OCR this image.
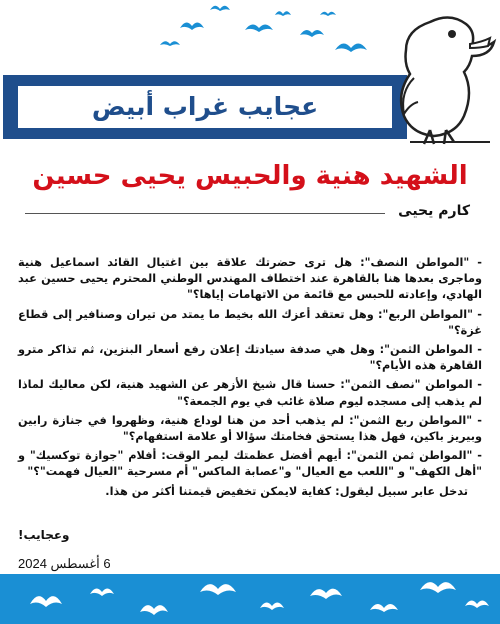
عجايب غراب أبيض
الشهيد هنية والحبيس يحيى حسين
كارم يحيى

- "المواطن النصف": هل ترى حضرتك علاقة بين اغتيال القائد اسماعيل هنية وماجرى بعدها هنا بالقاهرة عند اختطاف المهندس الوطني المحترم يحيى حسين عبد الهادي، وإعادته للحبس مع قائمة من الاتهامات إياها؟"

- "المواطن الربع": وهل تعتقد أعزك الله بخيط ما يمتد من تيران وصنافير إلى قطاع غزة؟"

- المواطن الثمن": وهل هي صدفة سيادتك إعلان رفع أسعار البنزين، ثم تذاكر مترو القاهرة هذه الأيام؟"

- المواطن "نصف الثمن": حسنا قال شيخ الأزهر عن الشهيد هنية، لكن معاليك لماذا لم يذهب إلى مسجده ليوم صلاة غائب في يوم الجمعة؟"

- "المواطن ربع الثمن": لم يذهب أحد من هنا لوداع هنية، وظهروا في جنازة رابين وبيريز باكين، فهل هذا يستحق فخامتك سؤالا أو علامة استفهام؟"

- "المواطن ثمن الثمن": أيهم أفضل عظمتك ليمر الوقت: أفلام "جوازة توكسيك" و "أهل الكهف" و "اللعب مع العيال" و"عصابة الماكس" أم مسرحية "العيال فهمت"؟"

تدخل عابر سبيل ليقول: كفاية لايمكن تخفيض قيمتنا أكثر من هذا.

وعجايب!
6 أغسطس 2024
